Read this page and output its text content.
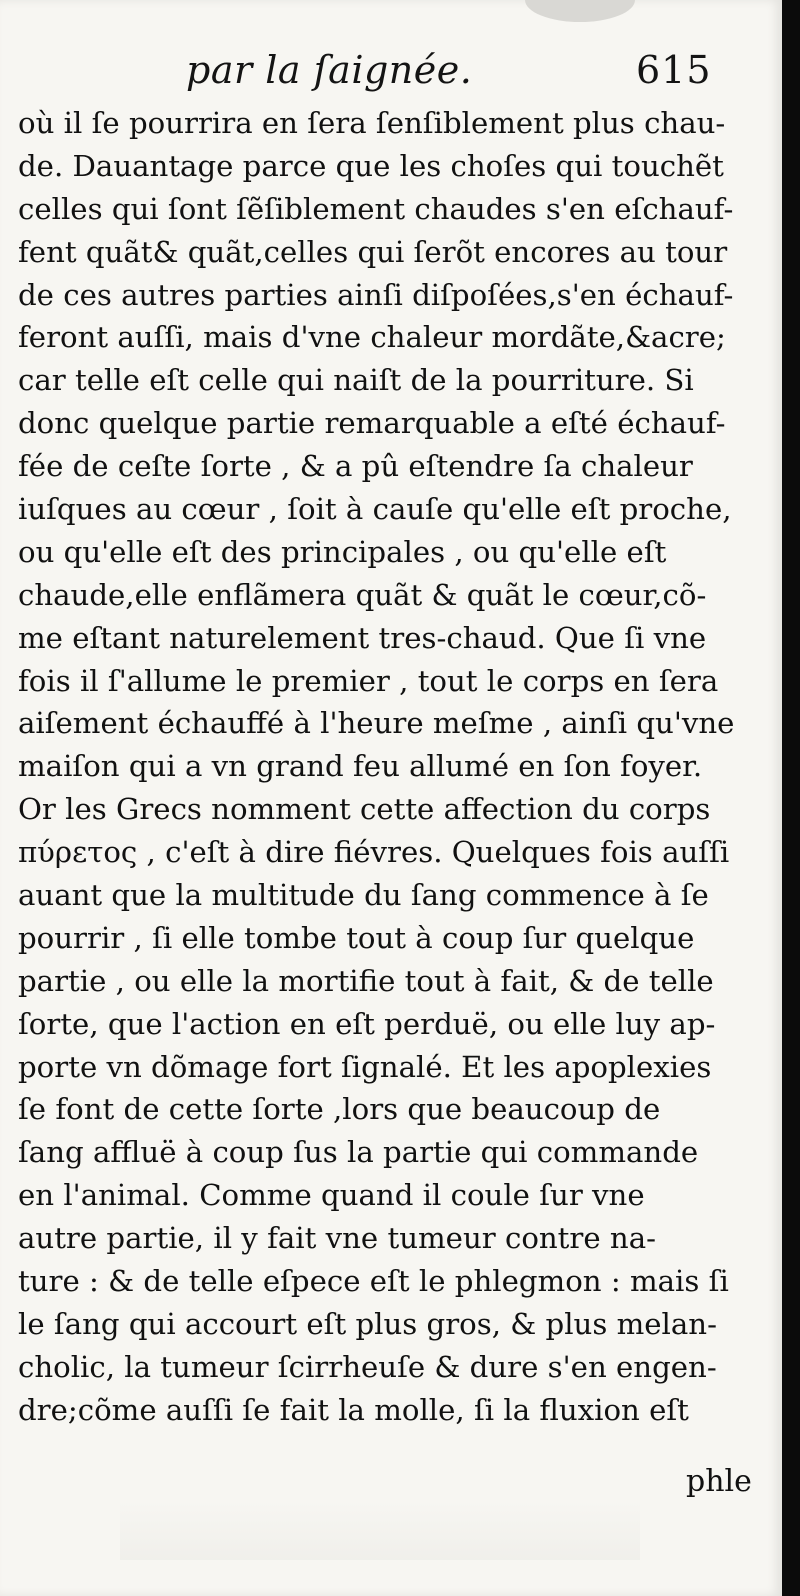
par la ſaignée.	615
où il ſe pourrira en ſera ſenſiblement plus chau-
de. Dauantage parce que les choſes qui touchẽt
celles qui ſont ſẽſiblement chaudes s'en eſchauf-
fent quãt& quãt,celles qui ſerõt encores au tour
de ces autres parties ainſi diſpoſées,s'en échauf-
feront auſſi, mais d'vne chaleur mordãte,&acre;
car telle eſt celle qui naiſt de la pourriture. Si
donc quelque partie remarquable a eſté échauf-
fée de ceſte ſorte , & a pû eſtendre ſa chaleur
iuſques au cœur , ſoit à cauſe qu'elle eſt proche,
ou qu'elle eſt des principales , ou qu'elle eſt
chaude,elle enflãmera quãt & quãt le cœur,cõ-
me eſtant naturelement tres-chaud. Que ſi vne
fois il ſ'allume le premier , tout le corps en ſera
aiſement échauffé à l'heure meſme , ainſi qu'vne
maiſon qui a vn grand feu allumé en ſon foyer.
Or les Grecs nomment cette affection du corps
πύρετος , c'eſt à dire fiévres. Quelques fois auſſi
auant que la multitude du ſang commence à ſe
pourrir , ſi elle tombe tout à coup ſur quelque
partie , ou elle la mortifie tout à fait, & de telle
ſorte, que l'action en eſt perduë, ou elle luy ap-
porte vn dõmage fort ſignalé. Et les apoplexies
ſe font de cette ſorte ,lors que beaucoup de
ſang affluë à coup ſus la partie qui commande
en l'animal. Comme quand il coule ſur vne
autre partie, il y fait vne tumeur contre na-
ture : & de telle eſpece eſt le phlegmon : mais ſi
le ſang qui accourt eſt plus gros, & plus melan-
cholic, la tumeur ſcirrheuſe & dure s'en engen-
dre;cõme auſſi ſe fait la molle, ſi la fluxion eſt
phle
